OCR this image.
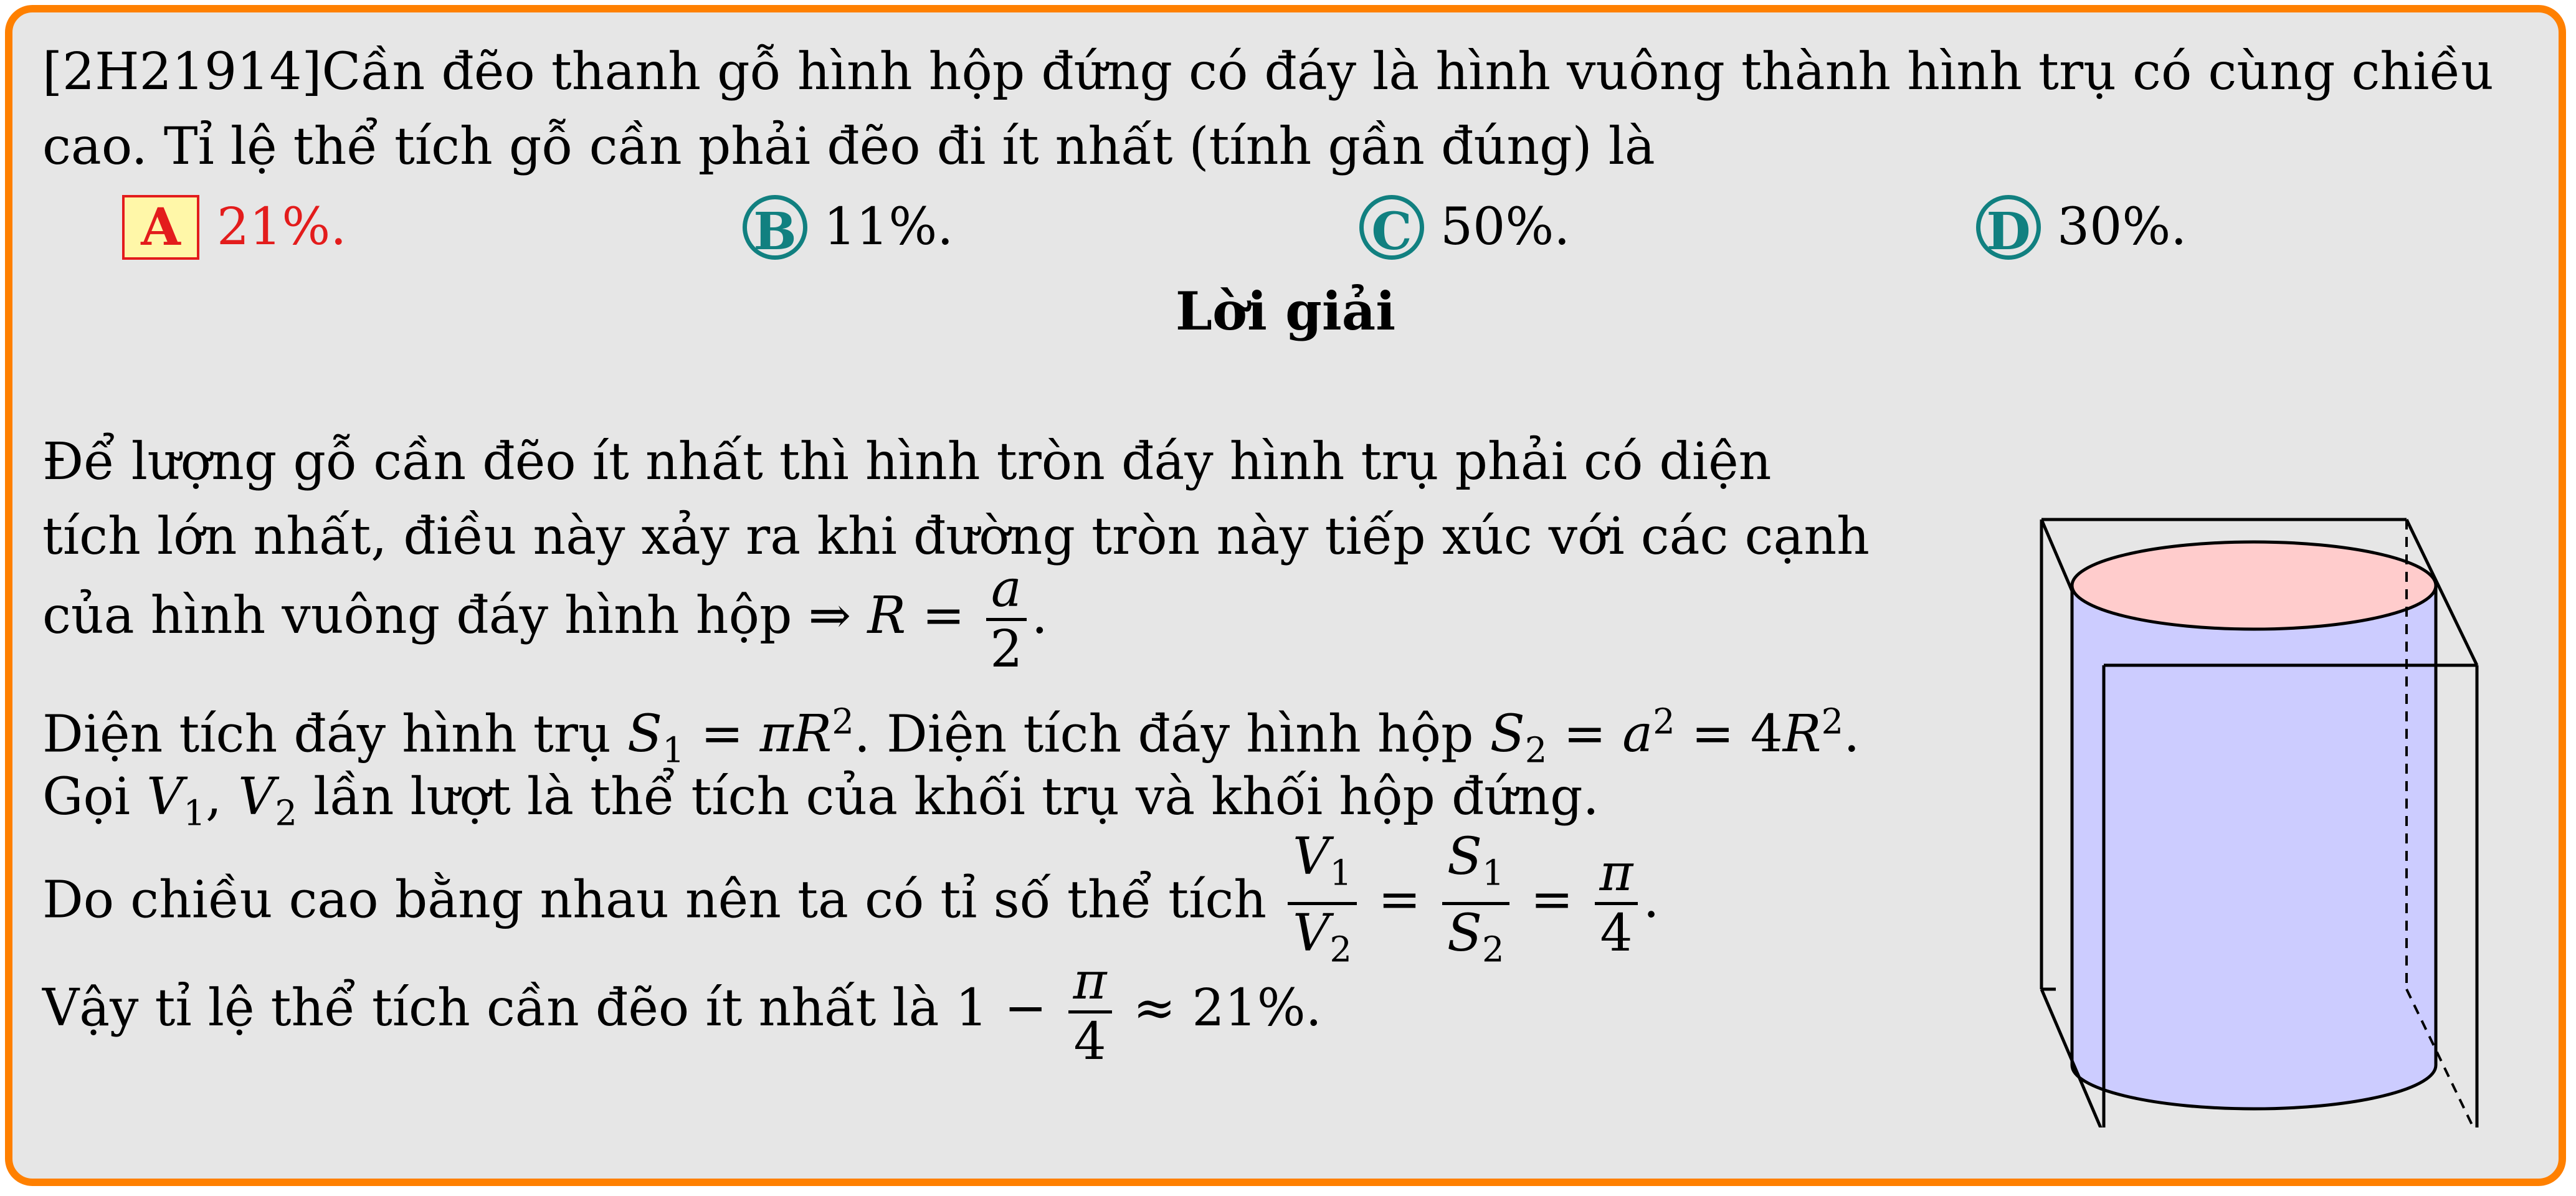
[2H21914]Cần đẽo thanh gỗ hình hộp đứng có đáy là hình vuông thành hình trụ có cùng chiều
cao. Tỉ lệ thể tích gỗ cần phải đẽo đi ít nhất (tính gần đúng) là
A 21%.	B 11%.	C 50%.	D 30%.
Lời giải
Để lượng gỗ cần đẽo ít nhất thì hình tròn đáy hình trụ phải có diện
tích lớn nhất, điều này xảy ra khi đường tròn này tiếp xúc với các cạnh
của hình vuông đáy hình hộp ⇒ $R = \frac{a}{2}$ .
Diện tích đáy hình trụ $S_1 = \pi R^2$. Diện tích đáy hình hộp $S_2 = a^2 = 4R^2$.
Gọi $V_1$, $V_2$ lần lượt là thể tích của khối trụ và khối hộp đứng.
Do chiều cao bằng nhau nên ta có tỉ số thể tích $\frac{V_1}{V_2} = \frac{S_1}{S_2} = \frac{\pi}{4}$ .
Vậy tỉ lệ thể tích cần đẽo ít nhất là $1 - \frac{\pi}{4} \approx 21\%$.
